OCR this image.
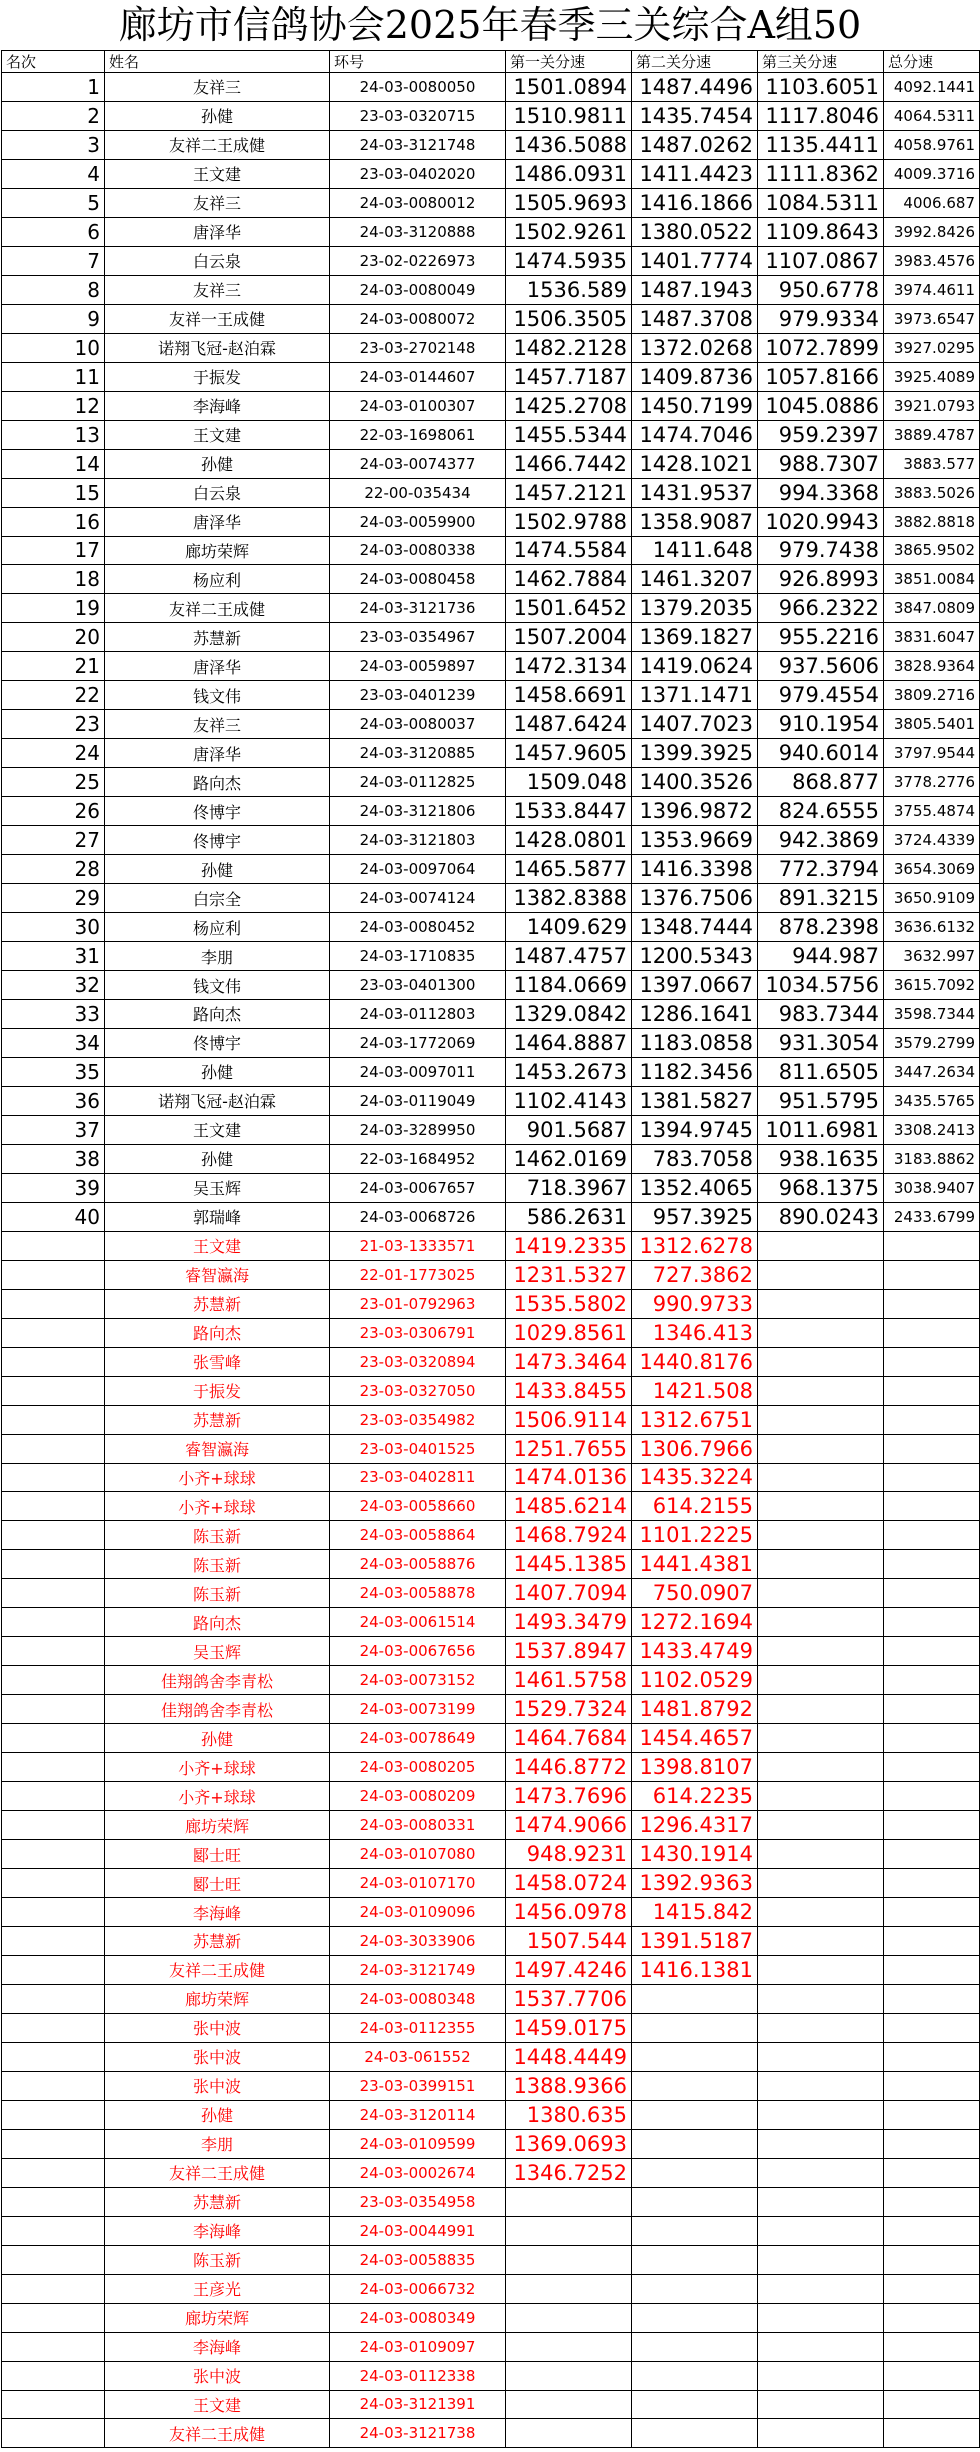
廊坊市信鸽协会2025年春季三关综合A组50
名次	姓名	环号	第一关分速	第二关分速	第三关分速	总分速
1	友祥三	24-03-0080050	1501.0894	1487.4496	1103.6051	4092.1441
2	孙健	23-03-0320715	1510.9811	1435.7454	1117.8046	4064.5311
3	友祥二王成健	24-03-3121748	1436.5088	1487.0262	1135.4411	4058.9761
4	王文建	23-03-0402020	1486.0931	1411.4423	1111.8362	4009.3716
5	友祥三	24-03-0080012	1505.9693	1416.1866	1084.5311	4006.687
6	唐泽华	24-03-3120888	1502.9261	1380.0522	1109.8643	3992.8426
7	白云泉	23-02-0226973	1474.5935	1401.7774	1107.0867	3983.4576
8	友祥三	24-03-0080049	1536.589	1487.1943	950.6778	3974.4611
9	友祥一王成健	24-03-0080072	1506.3505	1487.3708	979.9334	3973.6547
10	诺翔飞冠-赵泊霖	23-03-2702148	1482.2128	1372.0268	1072.7899	3927.0295
11	于振发	24-03-0144607	1457.7187	1409.8736	1057.8166	3925.4089
12	李海峰	24-03-0100307	1425.2708	1450.7199	1045.0886	3921.0793
13	王文建	22-03-1698061	1455.5344	1474.7046	959.2397	3889.4787
14	孙健	24-03-0074377	1466.7442	1428.1021	988.7307	3883.577
15	白云泉	22-00-035434	1457.2121	1431.9537	994.3368	3883.5026
16	唐泽华	24-03-0059900	1502.9788	1358.9087	1020.9943	3882.8818
17	廊坊荣辉	24-03-0080338	1474.5584	1411.648	979.7438	3865.9502
18	杨应利	24-03-0080458	1462.7884	1461.3207	926.8993	3851.0084
19	友祥二王成健	24-03-3121736	1501.6452	1379.2035	966.2322	3847.0809
20	苏慧新	23-03-0354967	1507.2004	1369.1827	955.2216	3831.6047
21	唐泽华	24-03-0059897	1472.3134	1419.0624	937.5606	3828.9364
22	钱文伟	23-03-0401239	1458.6691	1371.1471	979.4554	3809.2716
23	友祥三	24-03-0080037	1487.6424	1407.7023	910.1954	3805.5401
24	唐泽华	24-03-3120885	1457.9605	1399.3925	940.6014	3797.9544
25	路向杰	24-03-0112825	1509.048	1400.3526	868.877	3778.2776
26	佟博宇	24-03-3121806	1533.8447	1396.9872	824.6555	3755.4874
27	佟博宇	24-03-3121803	1428.0801	1353.9669	942.3869	3724.4339
28	孙健	24-03-0097064	1465.5877	1416.3398	772.3794	3654.3069
29	白宗全	24-03-0074124	1382.8388	1376.7506	891.3215	3650.9109
30	杨应利	24-03-0080452	1409.629	1348.7444	878.2398	3636.6132
31	李朋	24-03-1710835	1487.4757	1200.5343	944.987	3632.997
32	钱文伟	23-03-0401300	1184.0669	1397.0667	1034.5756	3615.7092
33	路向杰	24-03-0112803	1329.0842	1286.1641	983.7344	3598.7344
34	佟博宇	24-03-1772069	1464.8887	1183.0858	931.3054	3579.2799
35	孙健	24-03-0097011	1453.2673	1182.3456	811.6505	3447.2634
36	诺翔飞冠-赵泊霖	24-03-0119049	1102.4143	1381.5827	951.5795	3435.5765
37	王文建	24-03-3289950	901.5687	1394.9745	1011.6981	3308.2413
38	孙健	22-03-1684952	1462.0169	783.7058	938.1635	3183.8862
39	吴玉辉	24-03-0067657	718.3967	1352.4065	968.1375	3038.9407
40	郭瑞峰	24-03-0068726	586.2631	957.3925	890.0243	2433.6799
	王文建	21-03-1333571	1419.2335	1312.6278		
	睿智瀛海	22-01-1773025	1231.5327	727.3862		
	苏慧新	23-01-0792963	1535.5802	990.9733		
	路向杰	23-03-0306791	1029.8561	1346.413		
	张雪峰	23-03-0320894	1473.3464	1440.8176		
	于振发	23-03-0327050	1433.8455	1421.508		
	苏慧新	23-03-0354982	1506.9114	1312.6751		
	睿智瀛海	23-03-0401525	1251.7655	1306.7966		
	小齐+球球	23-03-0402811	1474.0136	1435.3224		
	小齐+球球	24-03-0058660	1485.6214	614.2155		
	陈玉新	24-03-0058864	1468.7924	1101.2225		
	陈玉新	24-03-0058876	1445.1385	1441.4381		
	陈玉新	24-03-0058878	1407.7094	750.0907		
	路向杰	24-03-0061514	1493.3479	1272.1694		
	吴玉辉	24-03-0067656	1537.8947	1433.4749		
	佳翔鸽舍李青松	24-03-0073152	1461.5758	1102.0529		
	佳翔鸽舍李青松	24-03-0073199	1529.7324	1481.8792		
	孙健	24-03-0078649	1464.7684	1454.4657		
	小齐+球球	24-03-0080205	1446.8772	1398.8107		
	小齐+球球	24-03-0080209	1473.7696	614.2235		
	廊坊荣辉	24-03-0080331	1474.9066	1296.4317		
	郾士旺	24-03-0107080	948.9231	1430.1914		
	郾士旺	24-03-0107170	1458.0724	1392.9363		
	李海峰	24-03-0109096	1456.0978	1415.842		
	苏慧新	24-03-3033906	1507.544	1391.5187		
	友祥二王成健	24-03-3121749	1497.4246	1416.1381		
	廊坊荣辉	24-03-0080348	1537.7706			
	张中波	24-03-0112355	1459.0175			
	张中波	24-03-061552	1448.4449			
	张中波	23-03-0399151	1388.9366			
	孙健	24-03-3120114	1380.635			
	李朋	24-03-0109599	1369.0693			
	友祥二王成健	24-03-0002674	1346.7252			
	苏慧新	23-03-0354958				
	李海峰	24-03-0044991				
	陈玉新	24-03-0058835				
	王彦光	24-03-0066732				
	廊坊荣辉	24-03-0080349				
	李海峰	24-03-0109097				
	张中波	24-03-0112338				
	王文建	24-03-3121391				
	友祥二王成健	24-03-3121738				
